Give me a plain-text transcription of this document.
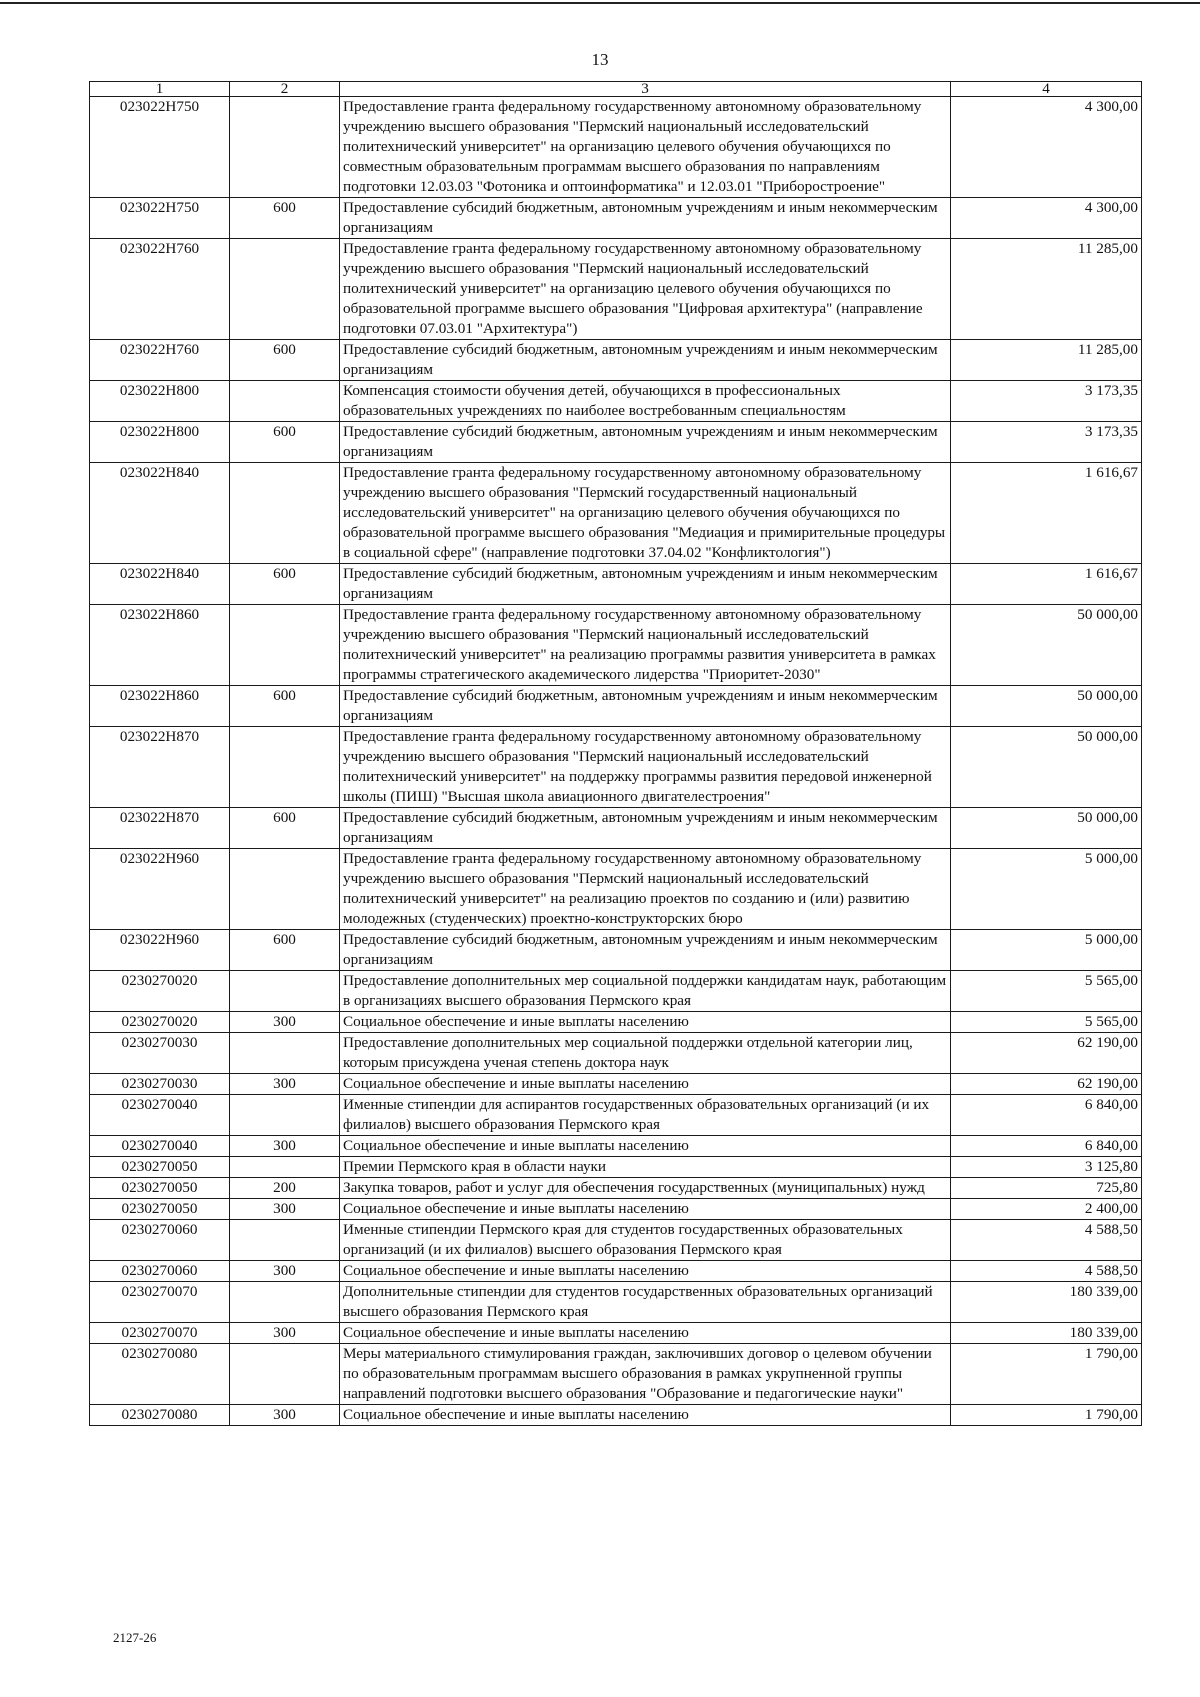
13
1	2	3	4
023022Н750		Предоставление гранта федеральному государственному автономному образовательному учреждению высшего образования "Пермский национальный исследовательский политехнический университет" на организацию целевого обучения обучающихся по совместным образовательным программам высшего образования по направлениям подготовки 12.03.03 "Фотоника и оптоинформатика" и 12.03.01 "Приборостроение"	4 300,00
023022Н750	600	Предоставление субсидий бюджетным, автономным учреждениям и иным некоммерческим организациям	4 300,00
023022Н760		Предоставление гранта федеральному государственному автономному образовательному учреждению высшего образования "Пермский национальный исследовательский политехнический университет" на организацию целевого обучения обучающихся по образовательной программе высшего образования "Цифровая архитектура" (направление подготовки 07.03.01 "Архитектура")	11 285,00
023022Н760	600	Предоставление субсидий бюджетным, автономным учреждениям и иным некоммерческим организациям	11 285,00
023022Н800		Компенсация стоимости обучения детей, обучающихся в профессиональных образовательных учреждениях по наиболее востребованным специальностям	3 173,35
023022Н800	600	Предоставление субсидий бюджетным, автономным учреждениям и иным некоммерческим организациям	3 173,35
023022Н840		Предоставление гранта федеральному государственному автономному образовательному учреждению высшего образования "Пермский государственный национальный исследовательский университет" на организацию целевого обучения обучающихся по образовательной программе высшего образования "Медиация и примирительные процедуры в социальной сфере" (направление подготовки 37.04.02 "Конфликтология")	1 616,67
023022Н840	600	Предоставление субсидий бюджетным, автономным учреждениям и иным некоммерческим организациям	1 616,67
023022Н860		Предоставление гранта федеральному государственному автономному образовательному учреждению высшего образования "Пермский национальный исследовательский политехнический университет" на реализацию программы развития университета в рамках программы стратегического академического лидерства "Приоритет-2030"	50 000,00
023022Н860	600	Предоставление субсидий бюджетным, автономным учреждениям и иным некоммерческим организациям	50 000,00
023022Н870		Предоставление гранта федеральному государственному автономному образовательному учреждению высшего образования "Пермский национальный исследовательский политехнический университет" на поддержку программы развития передовой инженерной школы (ПИШ) "Высшая школа авиационного двигателестроения"	50 000,00
023022Н870	600	Предоставление субсидий бюджетным, автономным учреждениям и иным некоммерческим организациям	50 000,00
023022Н960		Предоставление гранта федеральному государственному автономному образовательному учреждению высшего образования "Пермский национальный исследовательский политехнический университет" на реализацию проектов по созданию и (или) развитию молодежных (студенческих) проектно-конструкторских бюро	5 000,00
023022Н960	600	Предоставление субсидий бюджетным, автономным учреждениям и иным некоммерческим организациям	5 000,00
0230270020		Предоставление дополнительных мер социальной поддержки кандидатам наук, работающим в организациях высшего образования Пермского края	5 565,00
0230270020	300	Социальное обеспечение и иные выплаты населению	5 565,00
0230270030		Предоставление дополнительных мер социальной поддержки отдельной категории лиц, которым присуждена ученая степень доктора наук	62 190,00
0230270030	300	Социальное обеспечение и иные выплаты населению	62 190,00
0230270040		Именные стипендии для аспирантов государственных образовательных организаций (и их филиалов) высшего образования Пермского края	6 840,00
0230270040	300	Социальное обеспечение и иные выплаты населению	6 840,00
0230270050		Премии Пермского края в области науки	3 125,80
0230270050	200	Закупка товаров, работ и услуг для обеспечения государственных (муниципальных) нужд	725,80
0230270050	300	Социальное обеспечение и иные выплаты населению	2 400,00
0230270060		Именные стипендии Пермского края для студентов государственных образовательных организаций (и их филиалов) высшего образования Пермского края	4 588,50
0230270060	300	Социальное обеспечение и иные выплаты населению	4 588,50
0230270070		Дополнительные стипендии для студентов государственных образовательных организаций высшего образования Пермского края	180 339,00
0230270070	300	Социальное обеспечение и иные выплаты населению	180 339,00
0230270080		Меры материального стимулирования граждан, заключивших договор о целевом обучении по образовательным программам высшего образования в рамках укрупненной группы направлений подготовки высшего образования "Образование и педагогические науки"	1 790,00
0230270080	300	Социальное обеспечение и иные выплаты населению	1 790,00
2127-26
